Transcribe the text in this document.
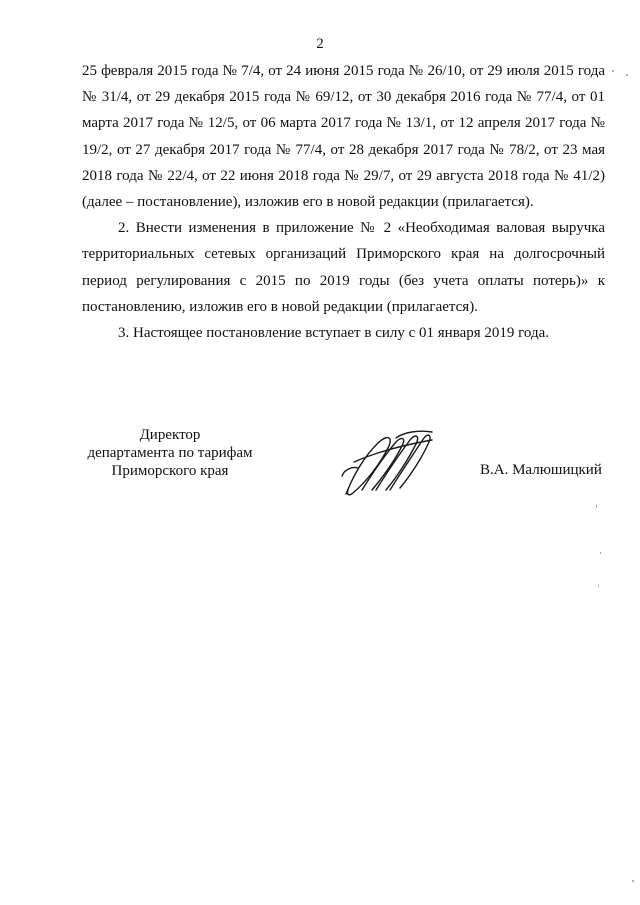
2

25 февраля 2015 года № 7/4, от 24 июня 2015 года № 26/10, от 29 июля 2015 года № 31/4, от 29 декабря 2015 года № 69/12, от 30 декабря 2016 года № 77/4, от 01 марта 2017 года № 12/5, от 06 марта 2017 года № 13/1, от 12 апреля 2017 года № 19/2, от 27 декабря 2017 года № 77/4, от 28 декабря 2017 года № 78/2, от 23 мая 2018 года № 22/4, от 22 июня 2018 года № 29/7, от 29 августа 2018 года № 41/2) (далее – постановление), изложив его в новой редакции (прилагается).

2. Внести изменения в приложение № 2 «Необходимая валовая выручка территориальных сетевых организаций Приморского края на долгосрочный период регулирования с 2015 по 2019 годы (без учета оплаты потерь)» к постановлению, изложив его в новой редакции (прилагается).

3. Настоящее постановление вступает в силу с 01 января 2019 года.

Директор
департамента по тарифам
Приморского края	В.А. Малюшицкий
